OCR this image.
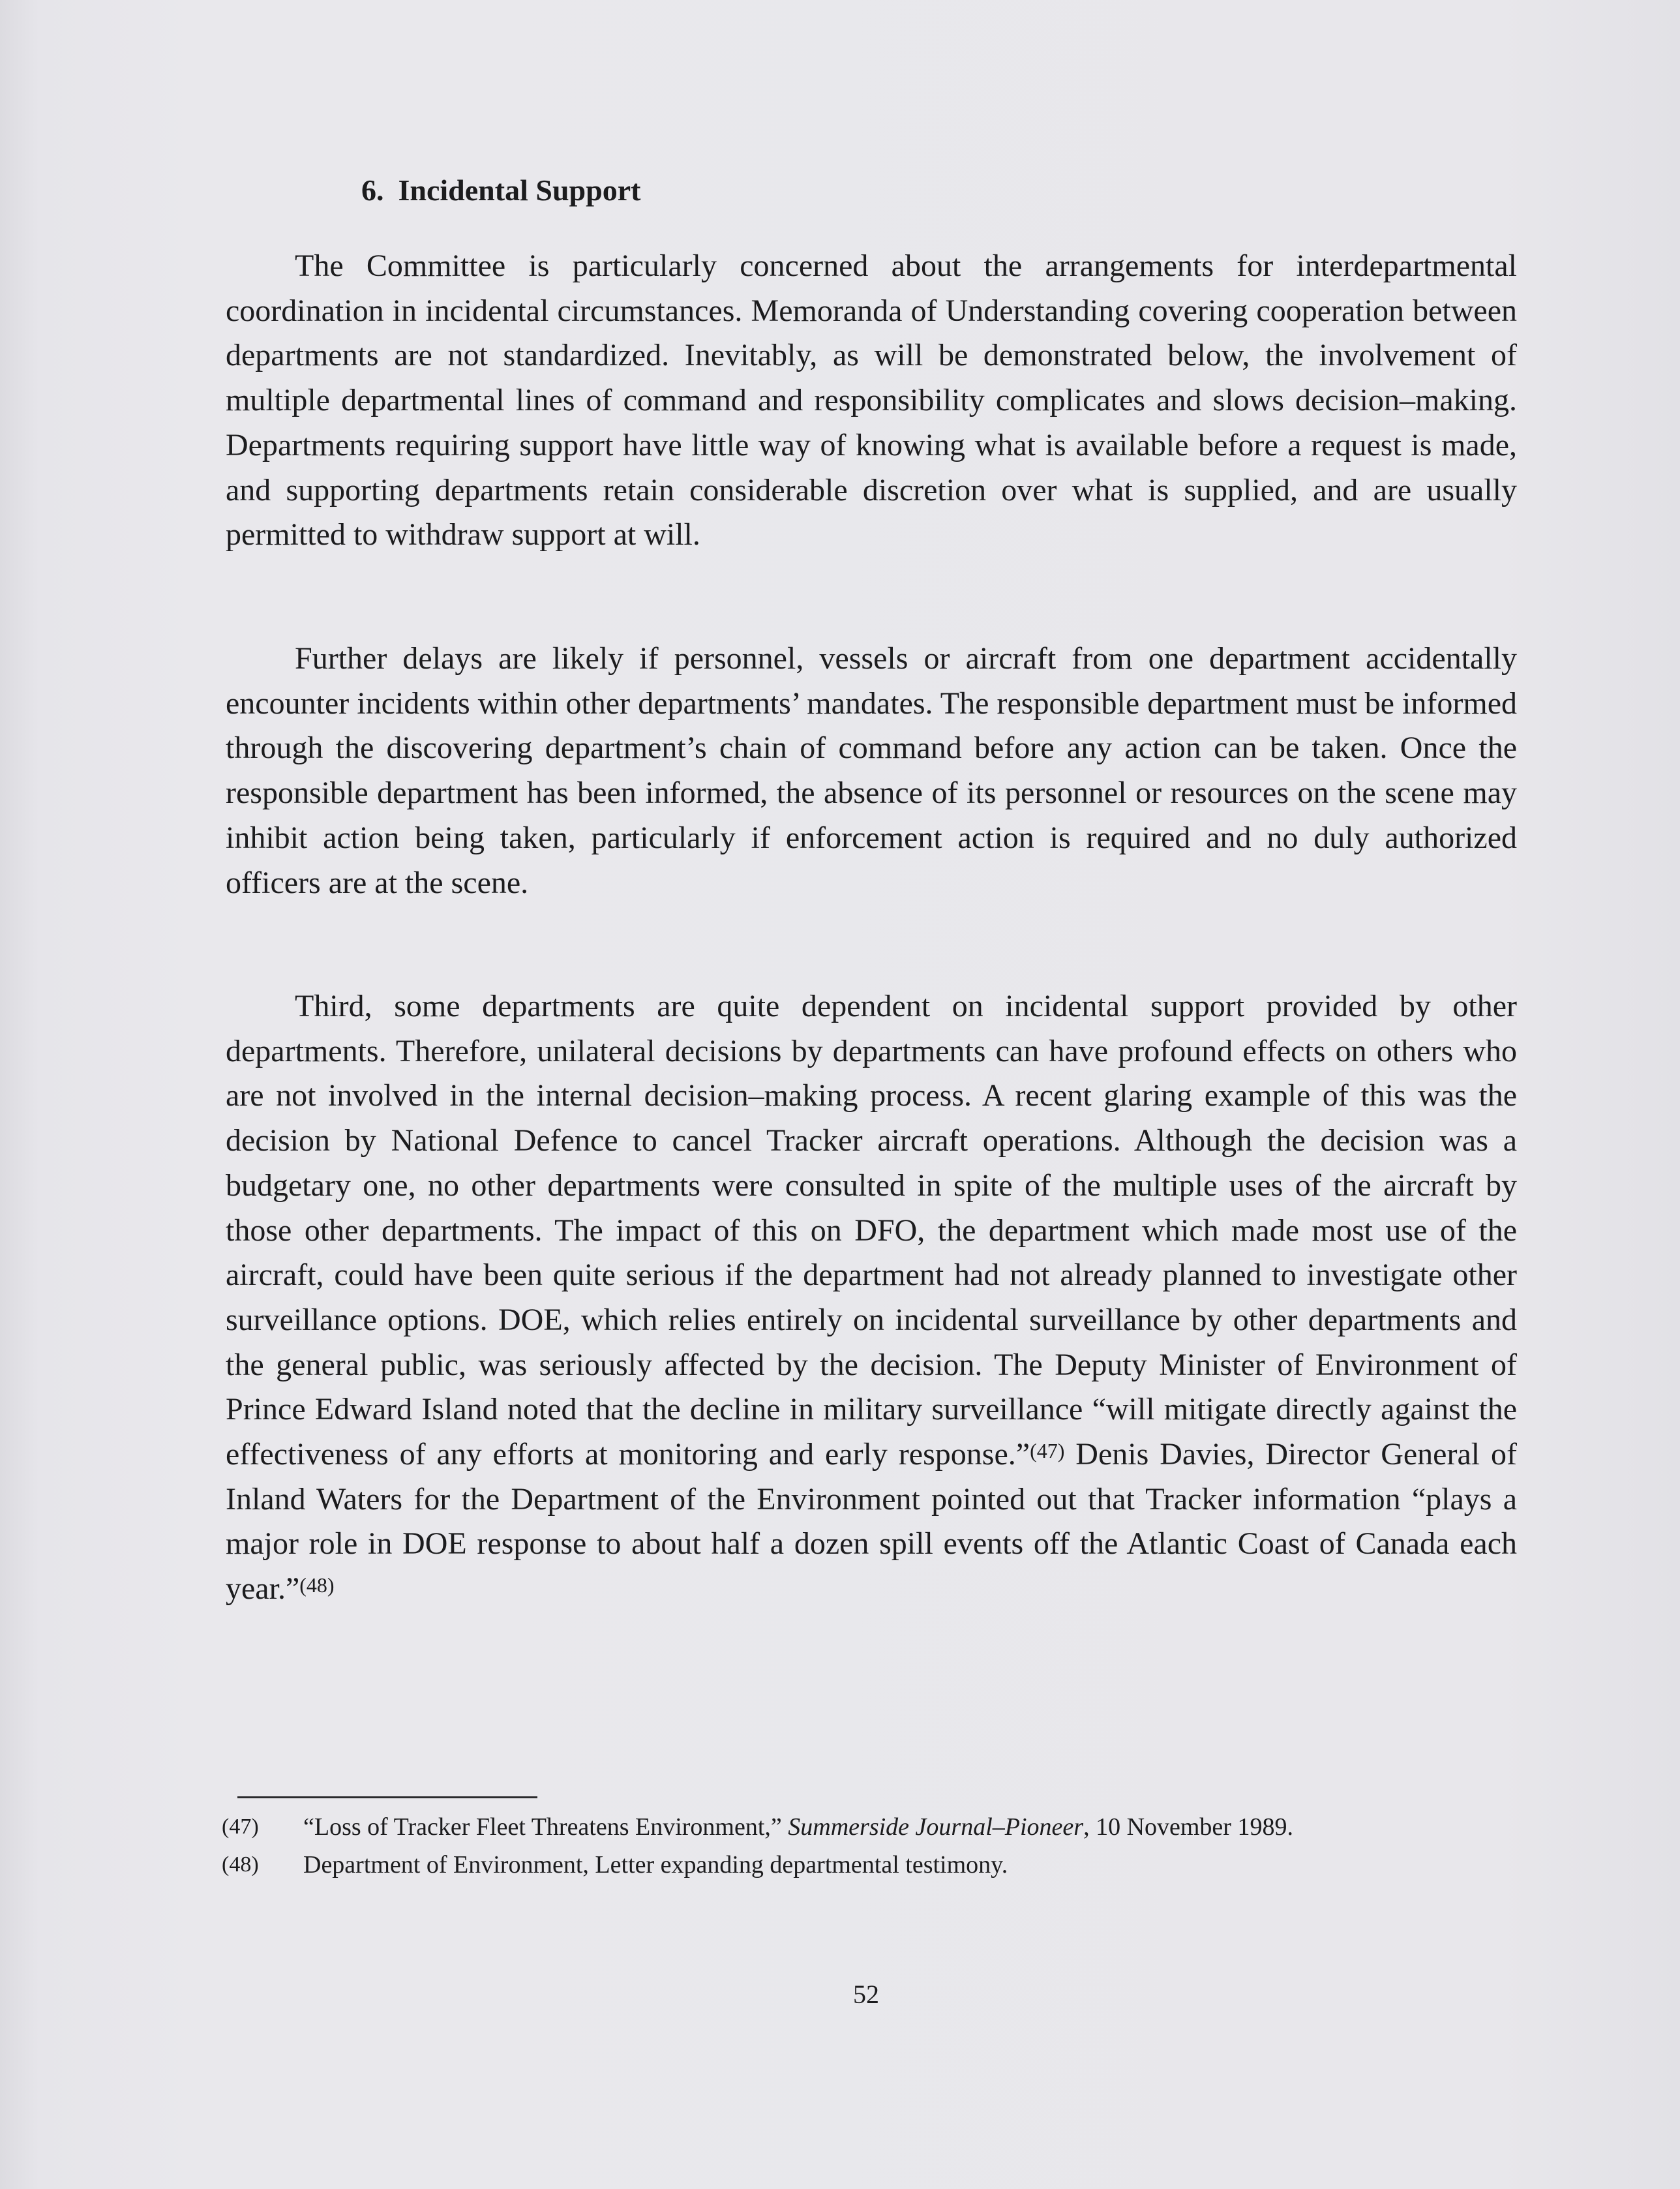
6. Incidental Support

The Committee is particularly concerned about the arrangements for interdepartmental coordination in incidental circumstances. Memoranda of Understanding covering cooperation between departments are not standardized. Inevitably, as will be demonstrated below, the involvement of multiple departmental lines of command and responsibility complicates and slows decision–making. Departments requiring support have little way of knowing what is available before a request is made, and supporting departments retain considerable discretion over what is supplied, and are usually permitted to withdraw support at will.

Further delays are likely if personnel, vessels or aircraft from one department accidentally encounter incidents within other departments’ mandates. The responsible department must be informed through the discovering department’s chain of command before any action can be taken. Once the responsible department has been informed, the absence of its personnel or resources on the scene may inhibit action being taken, particularly if enforcement action is required and no duly authorized officers are at the scene.

Third, some departments are quite dependent on incidental support provided by other departments. Therefore, unilateral decisions by departments can have profound effects on others who are not involved in the internal decision–making process. A recent glaring example of this was the decision by National Defence to cancel Tracker aircraft operations. Although the decision was a budgetary one, no other departments were consulted in spite of the multiple uses of the aircraft by those other departments. The impact of this on DFO, the department which made most use of the aircraft, could have been quite serious if the department had not already planned to investigate other surveillance options. DOE, which relies entirely on incidental surveillance by other departments and the general public, was seriously affected by the decision. The Deputy Minister of Environment of Prince Edward Island noted that the decline in military surveillance “will mitigate directly against the effectiveness of any efforts at monitoring and early response.”$^{(47)}$ Denis Davies, Director General of Inland Waters for the Department of the Environment pointed out that Tracker information “plays a major role in DOE response to about half a dozen spill events off the Atlantic Coast of Canada each year.”$^{(48)}$

(47)	“Loss of Tracker Fleet Threatens Environment,” Summerside Journal–Pioneer, 10 November 1989.
(48)	Department of Environment, Letter expanding departmental testimony.
52
